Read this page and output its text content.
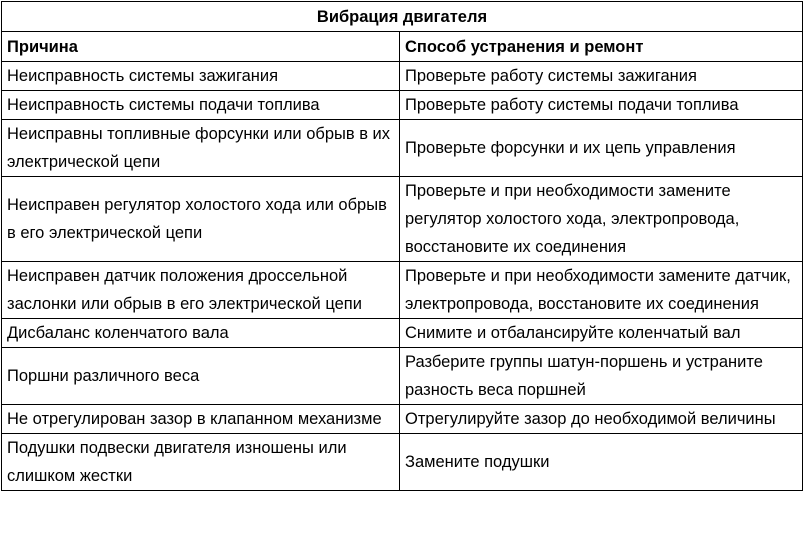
Вибрация двигателя	
Причина	Способ устранения и ремонт
Неисправность системы зажигания	Проверьте работу системы зажигания
Неисправность системы подачи топлива	Проверьте работу системы подачи топлива
Неисправны топливные форсунки или обрыв в их электрической цепи	Проверьте форсунки и их цепь управления
Неисправен регулятор холостого хода или обрыв в его электрической цепи	Проверьте и при необходимости замените регулятор холостого хода, электропровода, восстановите их соединения
Неисправен датчик положения дроссельной заслонки или обрыв в его электрической цепи	Проверьте и при необходимости замените датчик, электропровода, восстановите их соединения
Дисбаланс коленчатого вала	Снимите и отбалансируйте коленчатый вал
Поршни различного веса	Разберите группы шатун-поршень и устраните разность веса поршней
Не отрегулирован зазор в клапанном механизме	Отрегулируйте зазор до необходимой величины
Подушки подвески двигателя изношены или слишком жестки	Замените подушки
